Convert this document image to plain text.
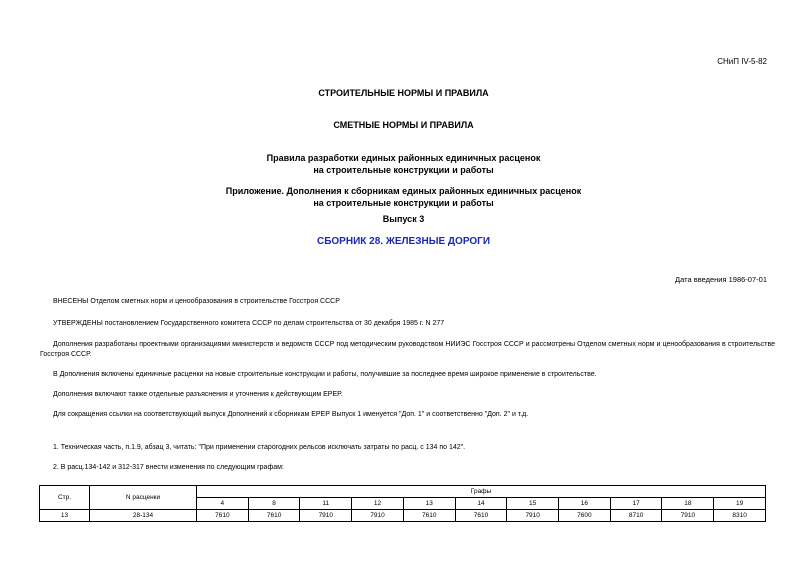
СНиП IV-5-82
СТРОИТЕЛЬНЫЕ НОРМЫ И ПРАВИЛА
СМЕТНЫЕ НОРМЫ И ПРАВИЛА
Правила разработки единых районных единичных расценок
на строительные конструкции и работы
Приложение. Дополнения к сборникам единых районных единичных расценок
на строительные конструкции и работы
Выпуск 3
СБОРНИК 28. ЖЕЛЕЗНЫЕ ДОРОГИ
Дата введения 1986-07-01
ВНЕСЕНЫ Отделом сметных норм и ценообразования в строительстве Госстроя СССР
УТВЕРЖДЕНЫ постановлением Государственного комитета СССР по делам строительства от 30 декабря 1985 г. N 277
Дополнения разработаны проектными организациями министерств и ведомств СССР под методическим руководством НИИЭС Госстроя СССР и рассмотрены Отделом сметных норм и ценообразования в строительстве Госстроя СССР.
В Дополнения включены единичные расценки на новые строительные конструкции и работы, получившие за последнее время широкое применение в строительстве.
Дополнения включают также отдельные разъяснения и уточнения к действующим ЕРЕР.
Для сокращения ссылки на соответствующий выпуск Дополнений к сборникам ЕРЕР Выпуск 1 именуется "Доп. 1" и соответственно "Доп. 2" и т.д.
1. Техническая часть, п.1.9, абзац 3, читать: "При применении старогодних рельсов исключать затраты по расц. с 134 по 142".
2. В расц.134-142 и 312-317 внести изменения по следующим графам:
Стр.	N расценки	Графы										
		4	8	11	12	13	14	15	16	17	18	19
13	28-134	7610	7610	7910	7910	7610	7610	7910	7600	8710	7910	8310
